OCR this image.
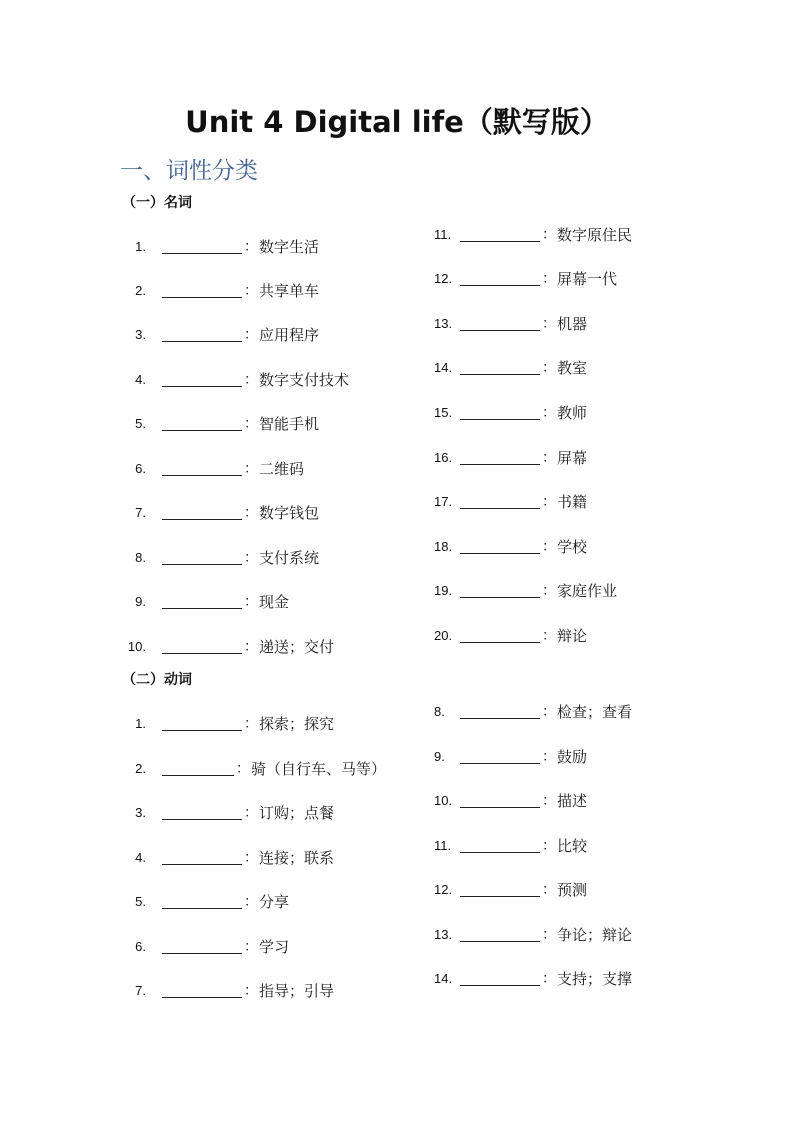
Unit 4 Digital life（默写版）
一、词性分类
（一）名词
1.	： 数字生活
2.	： 共享单车
3.	： 应用程序
4.	： 数字支付技术
5.	： 智能手机
6.	： 二维码
7.	： 数字钱包
8.	： 支付系统
9.	： 现金
10.	： 递送；交付
11.	： 数字原住民
12.	： 屏幕一代
13.	： 机器
14.	： 教室
15.	： 教师
16.	： 屏幕
17.	： 书籍
18.	： 学校
19.	： 家庭作业
20.	： 辩论
（二）动词
1.	： 探索；探究
2.	： 骑（自行车、马等）
3.	： 订购；点餐
4.	： 连接；联系
5.	： 分享
6.	： 学习
7.	： 指导；引导
8.	： 检查；查看
9.	： 鼓励
10.	： 描述
11.	： 比较
12.	： 预测
13.	： 争论；辩论
14.	： 支持；支撑
